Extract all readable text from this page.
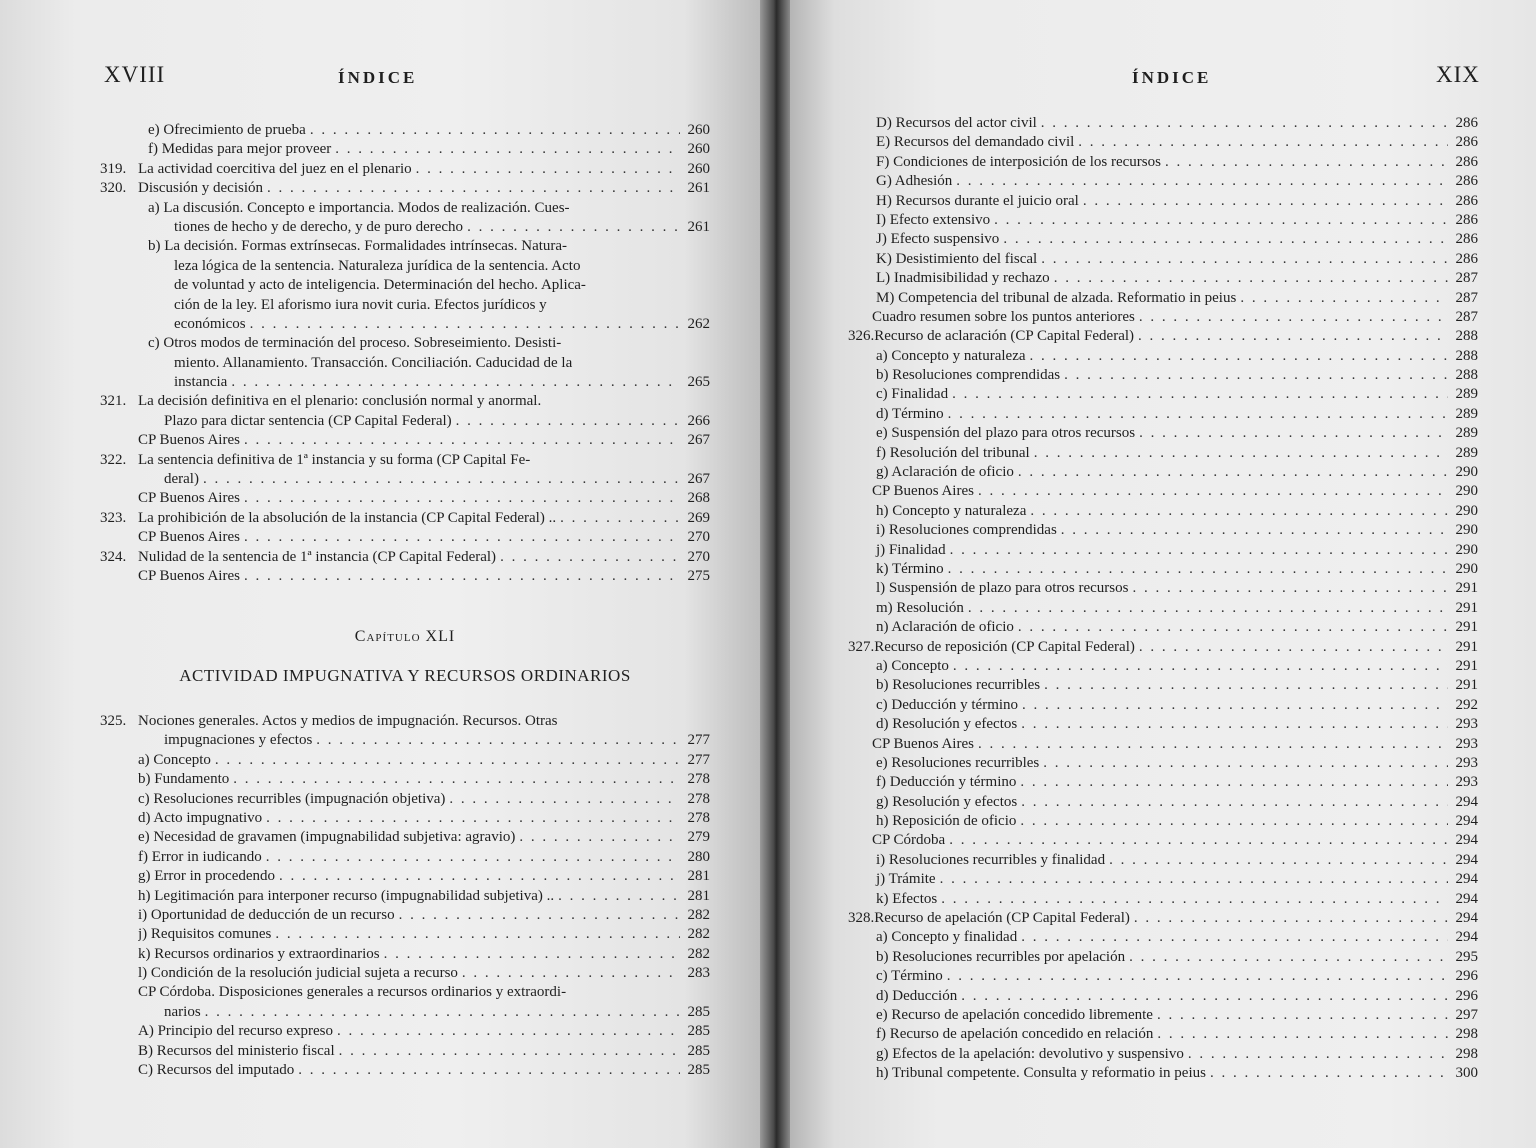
XVIII	ÍNDICE
e) Ofrecimiento de prueba . . .	260
f) Medidas para mejor proveer . . .	260
319. La actividad coercitiva del juez en el plenario . . .	260
320. Discusión y decisión . . .	261
a) La discusión. Concepto e importancia. Modos de realización. Cues-
tiones de hecho y de derecho, y de puro derecho . . .	261
b) La decisión. Formas extrínsecas. Formalidades intrínsecas. Natura-
leza lógica de la sentencia. Naturaleza jurídica de la sentencia. Acto
de voluntad y acto de inteligencia. Determinación del hecho. Aplica-
ción de la ley. El aforismo iura novit curia. Efectos jurídicos y
económicos . . .	262
c) Otros modos de terminación del proceso. Sobreseimiento. Desisti-
miento. Allanamiento. Transacción. Conciliación. Caducidad de la
instancia . . .	265
321. La decisión definitiva en el plenario: conclusión normal y anormal.
Plazo para dictar sentencia (CP Capital Federal) . . .	266
CP Buenos Aires . . .	267
322. La sentencia definitiva de 1ª instancia y su forma (CP Capital Fe-
deral) . . .	267
CP Buenos Aires . . .	268
323. La prohibición de la absolución de la instancia (CP Capital Federal) .. . . .	269
CP Buenos Aires . . .	270
324. Nulidad de la sentencia de 1ª instancia (CP Capital Federal) . . .	270
CP Buenos Aires . . .	275
Capítulo XLI
ACTIVIDAD IMPUGNATIVA Y RECURSOS ORDINARIOS
325. Nociones generales. Actos y medios de impugnación. Recursos. Otras
impugnaciones y efectos . . .	277
a) Concepto . . .	277
b) Fundamento . . .	278
c) Resoluciones recurribles (impugnación objetiva) . . .	278
d) Acto impugnativo . . .	278
e) Necesidad de gravamen (impugnabilidad subjetiva: agravio) . . .	279
f) Error in iudicando . . .	280
g) Error in procedendo . . .	281
h) Legitimación para interponer recurso (impugnabilidad subjetiva) .. . . .	281
i) Oportunidad de deducción de un recurso . . .	282
j) Requisitos comunes . . .	282
k) Recursos ordinarios y extraordinarios . . .	282
l) Condición de la resolución judicial sujeta a recurso . . .	283
CP Córdoba. Disposiciones generales a recursos ordinarios y extraordi-
narios . . .	285
A) Principio del recurso expreso . . .	285
B) Recursos del ministerio fiscal . . .	285
C) Recursos del imputado . . .	285
ÍNDICE	XIX
D) Recursos del actor civil . . .	286
E) Recursos del demandado civil . . .	286
F) Condiciones de interposición de los recursos . . .	286
G) Adhesión . . .	286
H) Recursos durante el juicio oral . . .	286
I) Efecto extensivo . . .	286
J) Efecto suspensivo . . .	286
K) Desistimiento del fiscal . . .	286
L) Inadmisibilidad y rechazo . . .	287
M) Competencia del tribunal de alzada. Reformatio in peius . . .	287
Cuadro resumen sobre los puntos anteriores . . .	287
326. Recurso de aclaración (CP Capital Federal) . . .	288
a) Concepto y naturaleza . . .	288
b) Resoluciones comprendidas . . .	288
c) Finalidad . . .	289
d) Término . . .	289
e) Suspensión del plazo para otros recursos . . .	289
f) Resolución del tribunal . . .	289
g) Aclaración de oficio . . .	290
CP Buenos Aires . . .	290
h) Concepto y naturaleza . . .	290
i) Resoluciones comprendidas . . .	290
j) Finalidad . . .	290
k) Término . . .	290
l) Suspensión de plazo para otros recursos . . .	291
m) Resolución . . .	291
n) Aclaración de oficio . . .	291
327. Recurso de reposición (CP Capital Federal) . . .	291
a) Concepto . . .	291
b) Resoluciones recurribles . . .	291
c) Deducción y término . . .	292
d) Resolución y efectos . . .	293
CP Buenos Aires . . .	293
e) Resoluciones recurribles . . .	293
f) Deducción y término . . .	293
g) Resolución y efectos . . .	294
h) Reposición de oficio . . .	294
CP Córdoba . . .	294
i) Resoluciones recurribles y finalidad . . .	294
j) Trámite . . .	294
k) Efectos . . .	294
328. Recurso de apelación (CP Capital Federal) . . .	294
a) Concepto y finalidad . . .	294
b) Resoluciones recurribles por apelación . . .	295
c) Término . . .	296
d) Deducción . . .	296
e) Recurso de apelación concedido libremente . . .	297
f) Recurso de apelación concedido en relación . . .	298
g) Efectos de la apelación: devolutivo y suspensivo . . .	298
h) Tribunal competente. Consulta y reformatio in peius . . .	300
